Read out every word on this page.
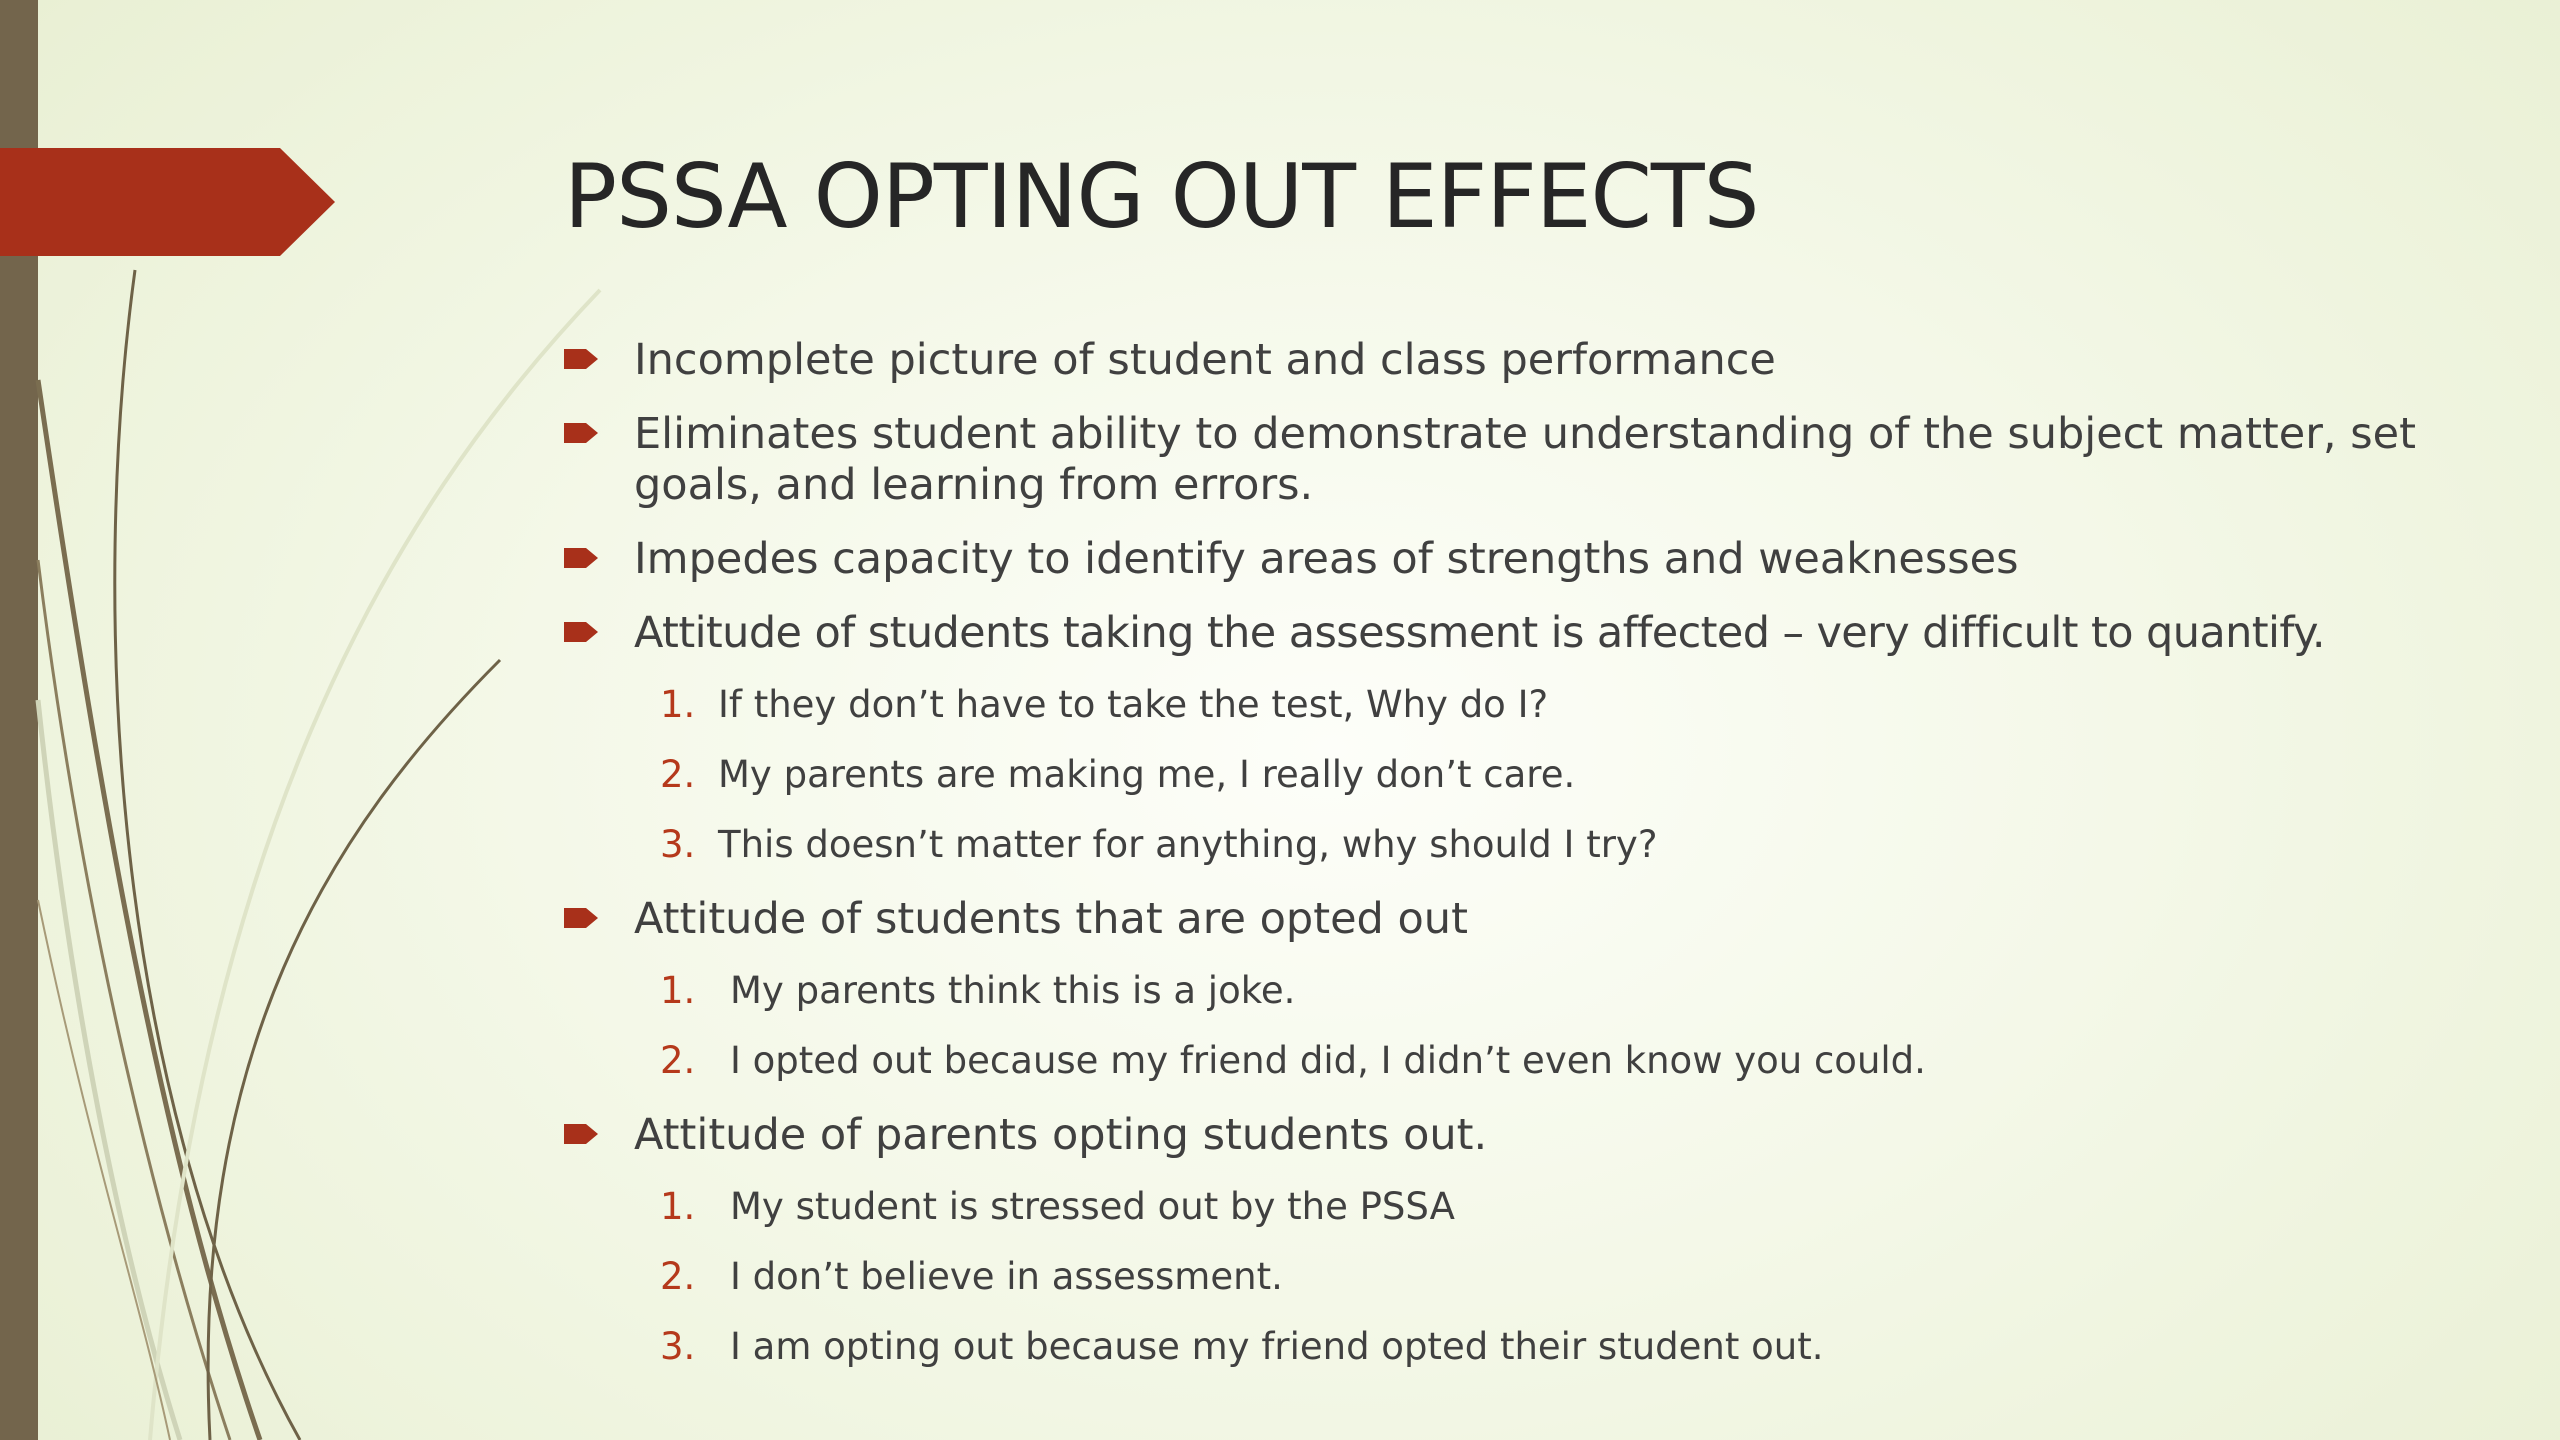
PSSA OPTING OUT EFFECTS
Incomplete picture of student and class performance
Eliminates student ability to demonstrate understanding of the subject matter, set goals, and learning from errors.
Impedes capacity to identify areas of strengths and weaknesses
Attitude of students taking the assessment is affected – very difficult to quantify.
1. If they don’t have to take the test, Why do I?
2. My parents are making me, I really don’t care.
3. This doesn’t matter for anything, why should I try?
Attitude of students that are opted out
1. My parents think this is a joke.
2. I opted out because my friend did, I didn’t even know you could.
Attitude of parents opting students out.
1. My student is stressed out by the PSSA
2. I don’t believe in assessment.
3. I am opting out because my friend opted their student out.
